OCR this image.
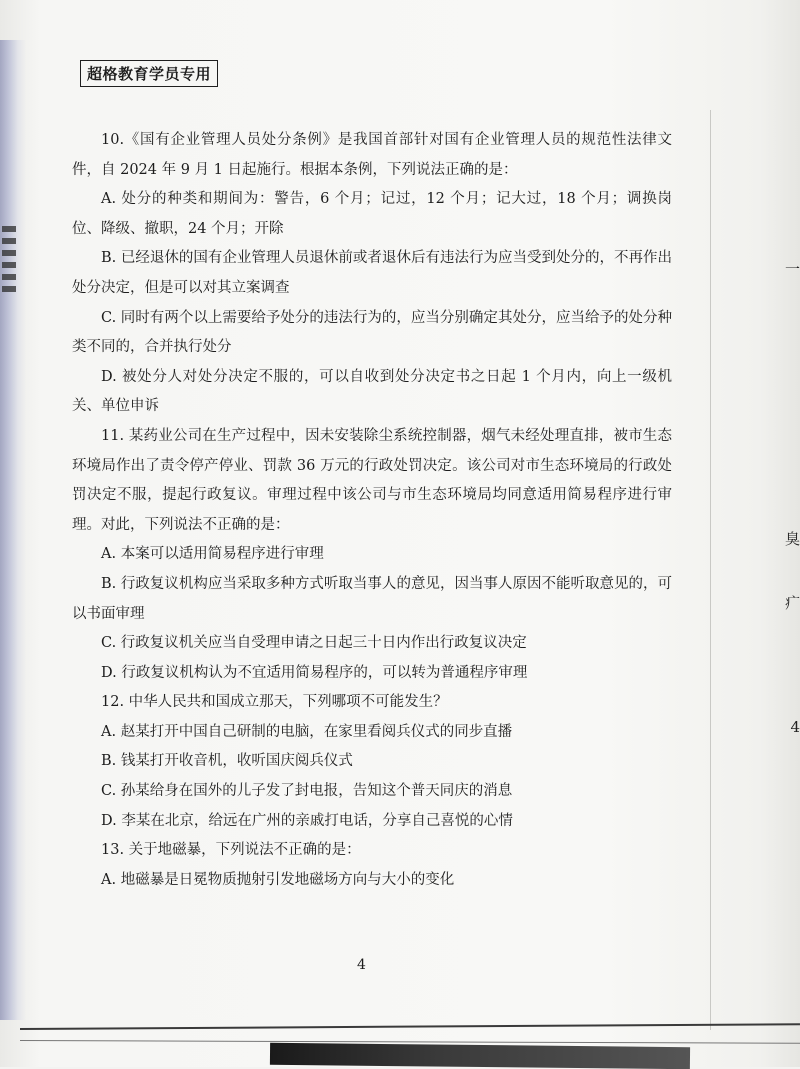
一
臭
疒
4
超格教育学员专用

10.《国有企业管理人员处分条例》是我国首部针对国有企业管理人员的规范性法律文件，自 2024 年 9 月 1 日起施行。根据本条例，下列说法正确的是：

A. 处分的种类和期间为：警告，6 个月；记过，12 个月；记大过，18 个月；调换岗位、降级、撤职，24 个月；开除

B. 已经退休的国有企业管理人员退休前或者退休后有违法行为应当受到处分的，不再作出处分决定，但是可以对其立案调查

C. 同时有两个以上需要给予处分的违法行为的，应当分别确定其处分，应当给予的处分种类不同的，合并执行处分

D. 被处分人对处分决定不服的，可以自收到处分决定书之日起 1 个月内，向上一级机关、单位申诉

11. 某药业公司在生产过程中，因未安装除尘系统控制器，烟气未经处理直排，被市生态环境局作出了责令停产停业、罚款 36 万元的行政处罚决定。该公司对市生态环境局的行政处罚决定不服，提起行政复议。审理过程中该公司与市生态环境局均同意适用简易程序进行审理。对此，下列说法不正确的是：

A. 本案可以适用简易程序进行审理

B. 行政复议机构应当采取多种方式听取当事人的意见，因当事人原因不能听取意见的，可以书面审理

C. 行政复议机关应当自受理申请之日起三十日内作出行政复议决定

D. 行政复议机构认为不宜适用简易程序的，可以转为普通程序审理

12. 中华人民共和国成立那天，下列哪项不可能发生？

A. 赵某打开中国自己研制的电脑，在家里看阅兵仪式的同步直播

B. 钱某打开收音机，收听国庆阅兵仪式

C. 孙某给身在国外的儿子发了封电报，告知这个普天同庆的消息

D. 李某在北京，给远在广州的亲戚打电话，分享自己喜悦的心情

13. 关于地磁暴，下列说法不正确的是：

A. 地磁暴是日冕物质抛射引发地磁场方向与大小的变化

4
